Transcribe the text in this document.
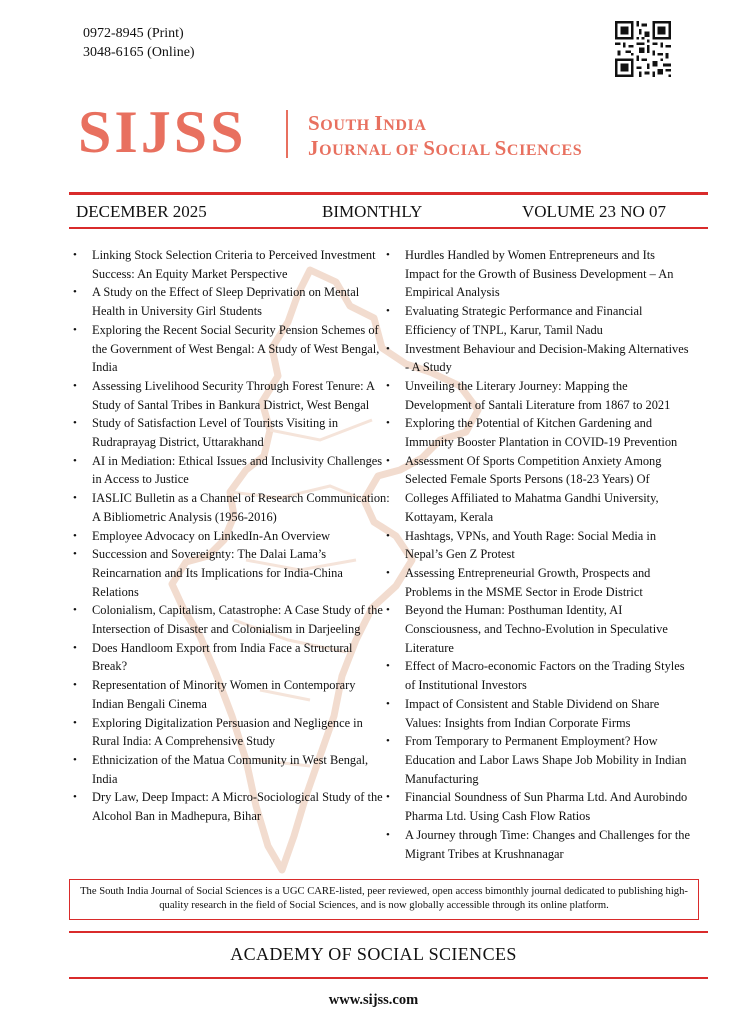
0972-8945 (Print)
3048-6165 (Online)
SIJSS	SOUTH INDIA
JOURNAL OF SOCIAL SCIENCES
DECEMBER 2025	BIMONTHLY	VOLUME 23 NO 07
• Linking Stock Selection Criteria to Perceived Investment Success: An Equity Market Perspective
• A Study on the Effect of Sleep Deprivation on Mental Health in University Girl Students
• Exploring the Recent Social Security Pension Schemes of the Government of West Bengal: A Study of West Bengal, India
• Assessing Livelihood Security Through Forest Tenure: A Study of Santal Tribes in Bankura District, West Bengal
• Study of Satisfaction Level of Tourists Visiting in Rudraprayag District, Uttarakhand
• AI in Mediation: Ethical Issues and Inclusivity Challenges in Access to Justice
• IASLIC Bulletin as a Channel of Research Communication: A Bibliometric Analysis (1956-2016)
• Employee Advocacy on LinkedIn-An Overview
• Succession and Sovereignty: The Dalai Lama’s Reincarnation and Its Implications for India-China Relations
• Colonialism, Capitalism, Catastrophe: A Case Study of the Intersection of Disaster and Colonialism in Darjeeling
• Does Handloom Export from India Face a Structural Break?
• Representation of Minority Women in Contemporary Indian Bengali Cinema
• Exploring Digitalization Persuasion and Negligence in Rural India: A Comprehensive Study
• Ethnicization of the Matua Community in West Bengal, India
• Dry Law, Deep Impact: A Micro-Sociological Study of the Alcohol Ban in Madhepura, Bihar
• Hurdles Handled by Women Entrepreneurs and Its Impact for the Growth of Business Development – An Empirical Analysis
• Evaluating Strategic Performance and Financial Efficiency of TNPL, Karur, Tamil Nadu
• Investment Behaviour and Decision-Making Alternatives - A Study
• Unveiling the Literary Journey: Mapping the Development of Santali Literature from 1867 to 2021
• Exploring the Potential of Kitchen Gardening and Immunity Booster Plantation in COVID-19 Prevention
• Assessment Of Sports Competition Anxiety Among Selected Female Sports Persons (18-23 Years) Of Colleges Affiliated to Mahatma Gandhi University, Kottayam, Kerala
• Hashtags, VPNs, and Youth Rage: Social Media in Nepal’s Gen Z Protest
• Assessing Entrepreneurial Growth, Prospects and Problems in the MSME Sector in Erode District
• Beyond the Human: Posthuman Identity, AI Consciousness, and Techno-Evolution in Speculative Literature
• Effect of Macro-economic Factors on the Trading Styles of Institutional Investors
• Impact of Consistent and Stable Dividend on Share Values: Insights from Indian Corporate Firms
• From Temporary to Permanent Employment? How Education and Labor Laws Shape Job Mobility in Indian Manufacturing
• Financial Soundness of Sun Pharma Ltd. And Aurobindo Pharma Ltd. Using Cash Flow Ratios
• A Journey through Time: Changes and Challenges for the Migrant Tribes at Krushnanagar
The South India Journal of Social Sciences is a UGC CARE-listed, peer reviewed, open access bimonthly journal dedicated to publishing high-quality research in the field of Social Sciences, and is now globally accessible through its online platform.
ACADEMY OF SOCIAL SCIENCES
www.sijss.com
